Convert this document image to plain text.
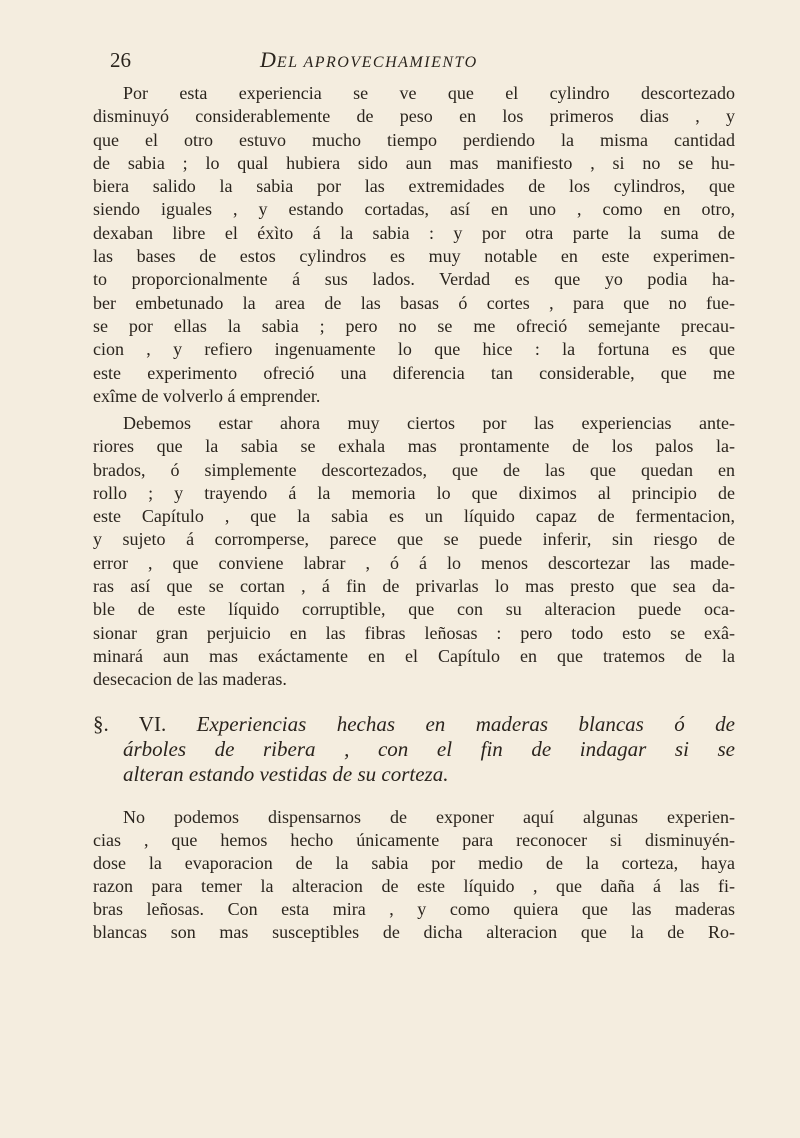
26	DEL APROVECHAMIENTO
Por esta experiencia se ve que el cylindro descortezado
disminuyó considerablemente de peso en los primeros dias , y
que el otro estuvo mucho tiempo perdiendo la misma cantidad
de sabia ; lo qual hubiera sido aun mas manifiesto , si no se hu-
biera salido la sabia por las extremidades de los cylindros, que
siendo iguales , y estando cortadas, así en uno , como en otro,
dexaban libre el éxìto á la sabia : y por otra parte la suma de
las bases de estos cylindros es muy notable en este experimen-
to proporcionalmente á sus lados. Verdad es que yo podia ha-
ber embetunado la area de las basas ó cortes , para que no fue-
se por ellas la sabia ; pero no se me ofreció semejante precau-
cion , y refiero ingenuamente lo que hice : la fortuna es que
este experimento ofreció una diferencia tan considerable, que me
exîme de volverlo á emprender.
Debemos estar ahora muy ciertos por las experiencias ante-
riores que la sabia se exhala mas prontamente de los palos la-
brados, ó simplemente descortezados, que de las que quedan en
rollo ; y trayendo á la memoria lo que diximos al principio de
este Capítulo , que la sabia es un líquido capaz de fermentacion,
y sujeto á corromperse, parece que se puede inferir, sin riesgo de
error , que conviene labrar , ó á lo menos descortezar las made-
ras así que se cortan , á fin de privarlas lo mas presto que sea da-
ble de este líquido corruptible, que con su alteracion puede oca-
sionar gran perjuicio en las fibras leñosas : pero todo esto se exâ-
minará aun mas exáctamente en el Capítulo en que tratemos de la
desecacion de las maderas.
§. VI. Experiencias hechas en maderas blancas ó de
árboles de ribera , con el fin de indagar si se
alteran estando vestidas de su corteza.
No podemos dispensarnos de exponer aquí algunas experien-
cias , que hemos hecho únicamente para reconocer si disminuyén-
dose la evaporacion de la sabia por medio de la corteza, haya
razon para temer la alteracion de este líquido , que daña á las fi-
bras leñosas. Con esta mira , y como quiera que las maderas
blancas son mas susceptibles de dicha alteracion que la de Ro-
